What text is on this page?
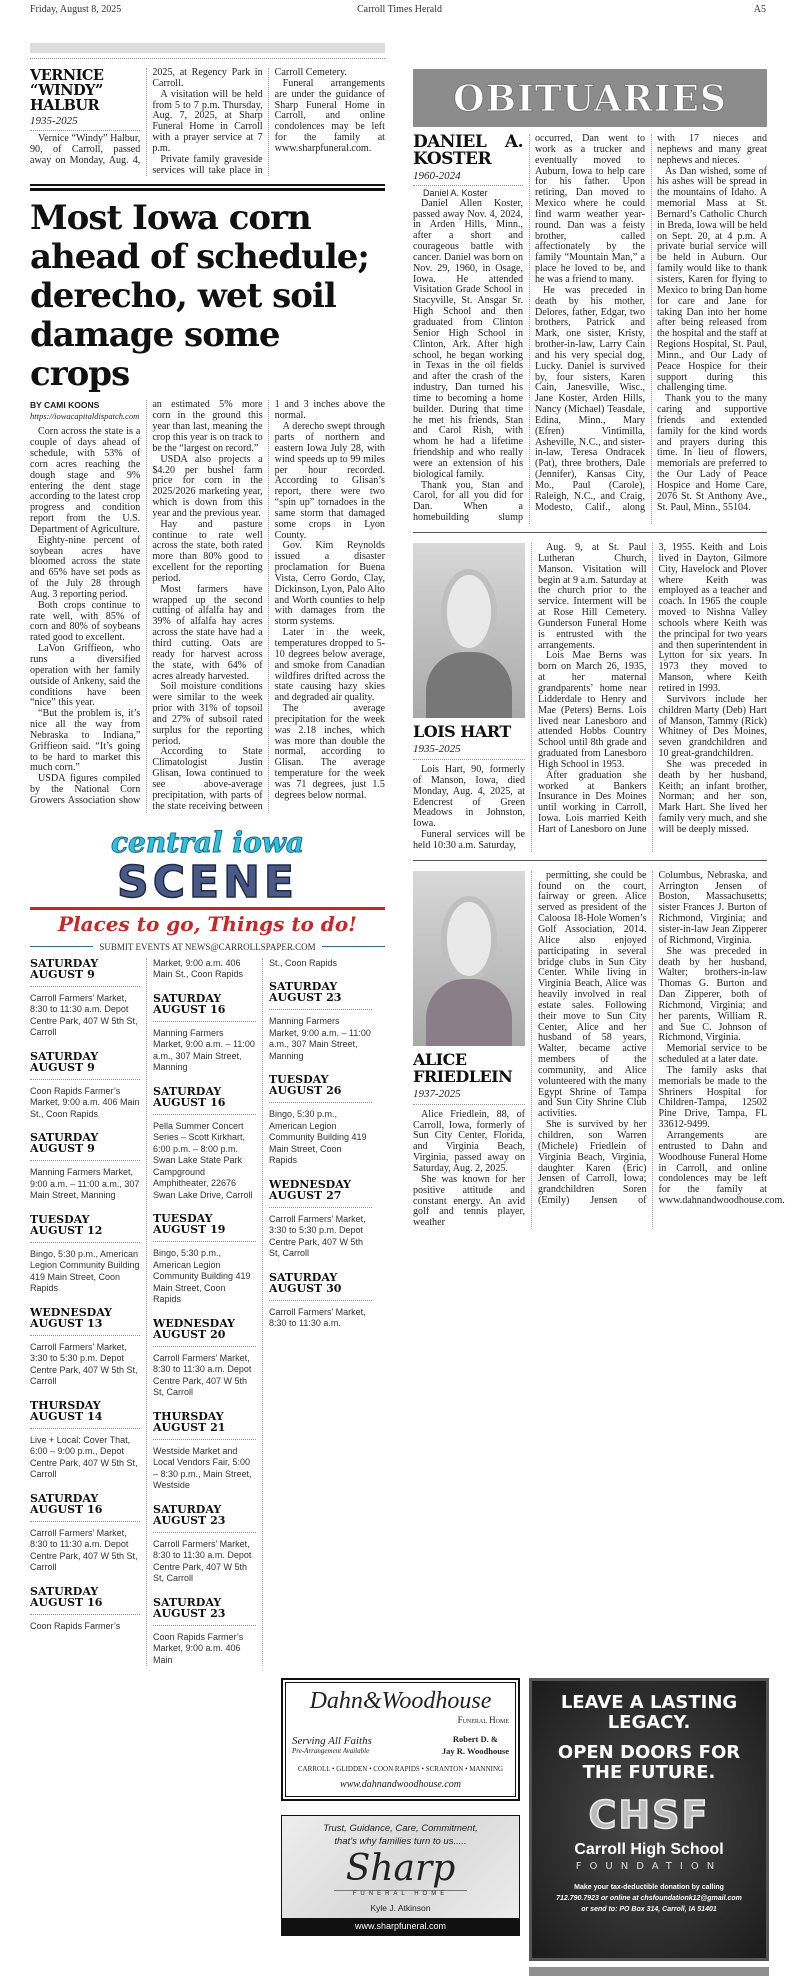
Friday, August 8, 2025	Carroll Times Herald	A5
VERNICE “WINDY” HALBUR
1935-2025

Vernice “Windy” Halbur, 90, of Carroll, passed away on Monday, Aug. 4, 2025, at Regency Park in Carroll.

A visitation will be held from 5 to 7 p.m. Thursday, Aug. 7, 2025, at Sharp Funeral Home in Carroll with a prayer service at 7 p.m.

Private family graveside services will take place in Carroll Cemetery.

Funeral arrangements are under the guidance of Sharp Funeral Home in Carroll, and online condolences may be left for the family at www.sharpfuneral.com.

Most Iowa corn ahead of schedule; derecho, wet soil damage some crops
BY CAMI KOONS
https://iowacapitaldispatch.com

Corn across the state is a couple of days ahead of schedule, with 53% of corn acres reaching the dough stage and 9% entering the dent stage according to the latest crop progress and condition report from the U.S. Department of Agriculture.

Eighty-nine percent of soybean acres have bloomed across the state and 65% have set pods as of the July 28 through Aug. 3 reporting period.

Both crops continue to rate well, with 85% of corn and 80% of soybeans rated good to excellent.

LaVon Griffieon, who runs a diversified operation with her family outside of Ankeny, said the conditions have been “nice” this year.

“But the problem is, it’s nice all the way from Nebraska to Indiana,” Griffieon said. “It’s going to be hard to market this much corn.”

USDA figures compiled by the National Corn Growers Association show an estimated 5% more corn in the ground this year than last, meaning the crop this year is on track to be the “largest on record.”

USDA also projects a $4.20 per bushel farm price for corn in the 2025/2026 marketing year, which is down from this year and the previous year.

Hay and pasture continue to rate well across the state, both rated more than 80% good to excellent for the reporting period.

Most farmers have wrapped up the second cutting of alfalfa hay and 39% of alfalfa hay acres across the state have had a third cutting. Oats are ready for harvest across the state, with 64% of acres already harvested.

Soil moisture conditions were similar to the week prior with 31% of topsoil and 27% of subsoil rated surplus for the reporting period.

According to State Climatologist Justin Glisan, Iowa continued to see above-average precipitation, with parts of the state receiving between 1 and 3 inches above the normal.

A derecho swept through parts of northern and eastern Iowa July 28, with wind speeds up to 99 miles per hour recorded. According to Glisan’s report, there were two “spin up” tornadoes in the same storm that damaged some crops in Lyon County.

Gov. Kim Reynolds issued a disaster proclamation for Buena Vista, Cerro Gordo, Clay, Dickinson, Lyon, Palo Alto and Worth counties to help with damages from the storm systems.

Later in the week, temperatures dropped to 5-10 degrees below average, and smoke from Canadian wildfires drifted across the state causing hazy skies and degraded air quality.

The average precipitation for the week was 2.18 inches, which was more than double the normal, according to Glisan. The average temperature for the week was 71 degrees, just 1.5 degrees below normal.

central iowa
SCENE
Places to go, Things to do!
SUBMIT EVENTS AT NEWS@CARROLLSPAPER.COM
SATURDAY AUGUST 9
Carroll Farmers’ Market, 8:30 to 11:30 a.m. Depot Centre Park, 407 W 5th St, Carroll
SATURDAY AUGUST 9
Coon Rapids Farmer’s Market, 9:00 a.m. 406 Main St., Coon Rapids
SATURDAY AUGUST 9
Manning Farmers Market, 9:00 a.m. – 11:00 a.m., 307 Main Street, Manning
TUESDAY AUGUST 12
Bingo, 5:30 p.m., American Legion Community Building 419 Main Street, Coon Rapids
WEDNESDAY AUGUST 13
Carroll Farmers’ Market, 3:30 to 5:30 p.m. Depot Centre Park, 407 W 5th St, Carroll
THURSDAY AUGUST 14
Live + Local: Cover That, 6:00 – 9:00 p.m., Depot Centre Park, 407 W 5th St, Carroll
SATURDAY AUGUST 16
Carroll Farmers’ Market, 8:30 to 11:30 a.m. Depot Centre Park, 407 W 5th St, Carroll
SATURDAY AUGUST 16
Coon Rapids Farmer’s
Market, 9:00 a.m. 406 Main St., Coon Rapids
SATURDAY AUGUST 16
Manning Farmers Market, 9:00 a.m. – 11:00 a.m., 307 Main Street, Manning
SATURDAY AUGUST 16
Pella Summer Concert Series – Scott Kirkhart, 6:00 p.m. – 8:00 p.m. Swan Lake State Park Campground Amphitheater, 22676 Swan Lake Drive, Carroll
TUESDAY AUGUST 19
Bingo, 5:30 p.m., American Legion Community Building 419 Main Street, Coon Rapids
WEDNESDAY AUGUST 20
Carroll Farmers’ Market, 8:30 to 11:30 a.m. Depot Centre Park, 407 W 5th St, Carroll
THURSDAY AUGUST 21
Westside Market and Local Vendors Fair, 5:00 – 8:30 p.m., Main Street, Westside
SATURDAY AUGUST 23
Carroll Farmers’ Market, 8:30 to 11:30 a.m. Depot Centre Park, 407 W 5th St, Carroll
SATURDAY AUGUST 23
Coon Rapids Farmer’s Market, 9:00 a.m. 406 Main
St., Coon Rapids
SATURDAY AUGUST 23
Manning Farmers Market, 9:00 a.m. – 11:00 a.m., 307 Main Street, Manning
TUESDAY AUGUST 26
Bingo, 5:30 p.m., American Legion Community Building 419 Main Street, Coon Rapids
WEDNESDAY AUGUST 27
Carroll Farmers’ Market, 3:30 to 5:30 p.m. Depot Centre Park, 407 W 5th St, Carroll
SATURDAY AUGUST 30
Carroll Farmers’ Market, 8:30 to 11:30 a.m.
OBITUARIES
DANIEL A. KOSTER
1960-2024
Daniel A. Koster

Daniel Allen Koster, passed away Nov. 4, 2024, in Arden Hills, Minn., after a short and courageous battle with cancer. Daniel was born on Nov. 29, 1960, in Osage, Iowa. He attended Visitation Grade School in Stacyville, St. Ansgar Sr. High School and then graduated from Clinton Senior High School in Clinton, Ark. After high school, he began working in Texas in the oil fields and after the crash of the industry, Dan turned his time to becoming a home builder. During that time he met his friends, Stan and Carol Rish, with whom he had a lifetime friendship and who really were an extension of his biological family.

Thank you, Stan and Carol, for all you did for Dan. When a homebuilding slump occurred, Dan went to work as a trucker and eventually moved to Auburn, Iowa to help care for his father. Upon retiring, Dan moved to Mexico where he could find warm weather year-round. Dan was a feisty brother, called affectionately by the family “Mountain Man,” a place he loved to be, and he was a friend to many.

He was preceded in death by his mother, Delores, father, Edgar, two brothers, Patrick and Mark, one sister, Kristy, brother-in-law, Larry Cain and his very special dog, Lucky. Daniel is survived by, four sisters, Karen Cain, Janesville, Wisc., Jane Koster, Arden Hills, Nancy (Michael) Teasdale, Edina, Minn., Mary (Efren) Vintimilla, Asheville, N.C., and sister-in-law, Teresa Ondracek (Pat), three brothers, Dale (Jennifer), Kansas City, Mo., Paul (Carole), Raleigh, N.C., and Craig, Modesto, Calif., along with 17 nieces and nephews and many great nephews and nieces.

As Dan wished, some of his ashes will be spread in the mountains of Idaho. A memorial Mass at St. Bernard’s Catholic Church in Breda, Iowa will be held on Sept. 20, at 4 p.m. A private burial service will be held in Auburn. Our family would like to thank sisters, Karen for flying to Mexico to bring Dan home for care and Jane for taking Dan into her home after being released from the hospital and the staff at Regions Hospital, St. Paul, Minn., and Our Lady of Peace Hospice for their support during this challenging time.

Thank you to the many caring and supportive friends and extended family for the kind words and prayers during this time. In lieu of flowers, memorials are preferred to the Our Lady of Peace Hospice and Home Care, 2076 St. St Anthony Ave., St. Paul, Minn., 55104.

LOIS HART
1935-2025

Lois Hart, 90, formerly of Manson, Iowa, died Monday, Aug. 4, 2025, at Edencrest of Green Meadows in Johnston, Iowa.

Funeral services will be held 10:30 a.m. Saturday,

Aug. 9, at St. Paul Lutheran Church, Manson. Visitation will begin at 9 a.m. Saturday at the church prior to the service. Interment will be at Rose Hill Cemetery. Gunderson Funeral Home is entrusted with the arrangements.

Lois Mae Berns was born on March 26, 1935, at her maternal grandparents’ home near Lidderdale to Henry and Mae (Peters) Berns. Lois lived near Lanesboro and attended Hobbs Country School until 8th grade and graduated from Lanesboro High School in 1953.

After graduation she worked at Bankers Insurance in Des Moines until working in Carroll, Iowa. Lois married Keith Hart of Lanesboro on June 3, 1955. Keith and Lois lived in Dayton, Gilmore City, Havelock and Plover where Keith was employed as a teacher and coach. In 1965 the couple moved to Nishna Valley schools where Keith was the principal for two years and then superintendent in Lytton for six years. In 1973 they moved to Manson, where Keith retired in 1993.

Survivors include her children Marty (Deb) Hart of Manson, Tammy (Rick) Whitney of Des Moines, seven grandchildren and 10 great-grandchildren.

She was preceded in death by her husband, Keith; an infant brother, Norman; and her son, Mark Hart. She lived her family very much, and she will be deeply missed.

ALICE FRIEDLEIN
1937-2025

Alice Friedlein, 88, of Carroll, Iowa, formerly of Sun City Center, Florida, and Virginia Beach, Virginia, passed away on Saturday, Aug. 2, 2025.

She was known for her positive attitude and constant energy. An avid golf and tennis player, weather

permitting, she could be found on the court, fairway or green. Alice served as president of the Caloosa 18-Hole Women’s Golf Association, 2014. Alice also enjoyed participating in several bridge clubs in Sun City Center. While living in Virginia Beach, Alice was heavily involved in real estate sales. Following their move to Sun City Center, Alice and her husband of 58 years, Walter, became active members of the community, and Alice volunteered with the many Egypt Shrine of Tampa and Sun City Shrine Club activities.

She is survived by her children, son Warren (Michele) Friedlein of Virginia Beach, Virginia, daughter Karen (Eric) Jensen of Carroll, Iowa; grandchildren Soren (Emily) Jensen of Columbus, Nebraska, and Arrington Jensen of Boston, Massachusetts; sister Frances J. Burton of Richmond, Virginia; and sister-in-law Jean Zipperer of Richmond, Virginia.

She was preceded in death by her husband, Walter; brothers-in-law Thomas G. Burton and Dan Zipperer, both of Richmond, Virginia; and her parents, William R. and Sue C. Johnson of Richmond, Virginia.

Memorial service to be scheduled at a later date.

The family asks that memorials be made to the Shriners Hospital for Children-Tampa, 12502 Pine Drive, Tampa, FL 33612-9499.

Arrangements are entrusted to Dahn and Woodhouse Funeral Home in Carroll, and online condolences may be left for the family at www.dahnandwoodhouse.com.

Dahn&Woodhouse
Funeral Home
Serving All Faiths
Pre-Arrangement Available
Robert D. &
Jay R. Woodhouse
CARROLL • GLIDDEN • COON RAPIDS • SCRANTON • MANNING
www.dahnandwoodhouse.com
Trust, Guidance, Care, Commitment,
that’s why families turn to us.....
Sharp
FUNERAL HOME
Kyle J. Atkinson
www.sharpfuneral.com
LEAVE A LASTING LEGACY.
OPEN DOORS FOR THE FUTURE.
CHSF
Carroll High School
FOUNDATION
Make your tax-deductible donation by calling
712.790.7923 or online at chsfoundationk12@gmail.com
or send to: PO Box 314, Carroll, IA 51401
